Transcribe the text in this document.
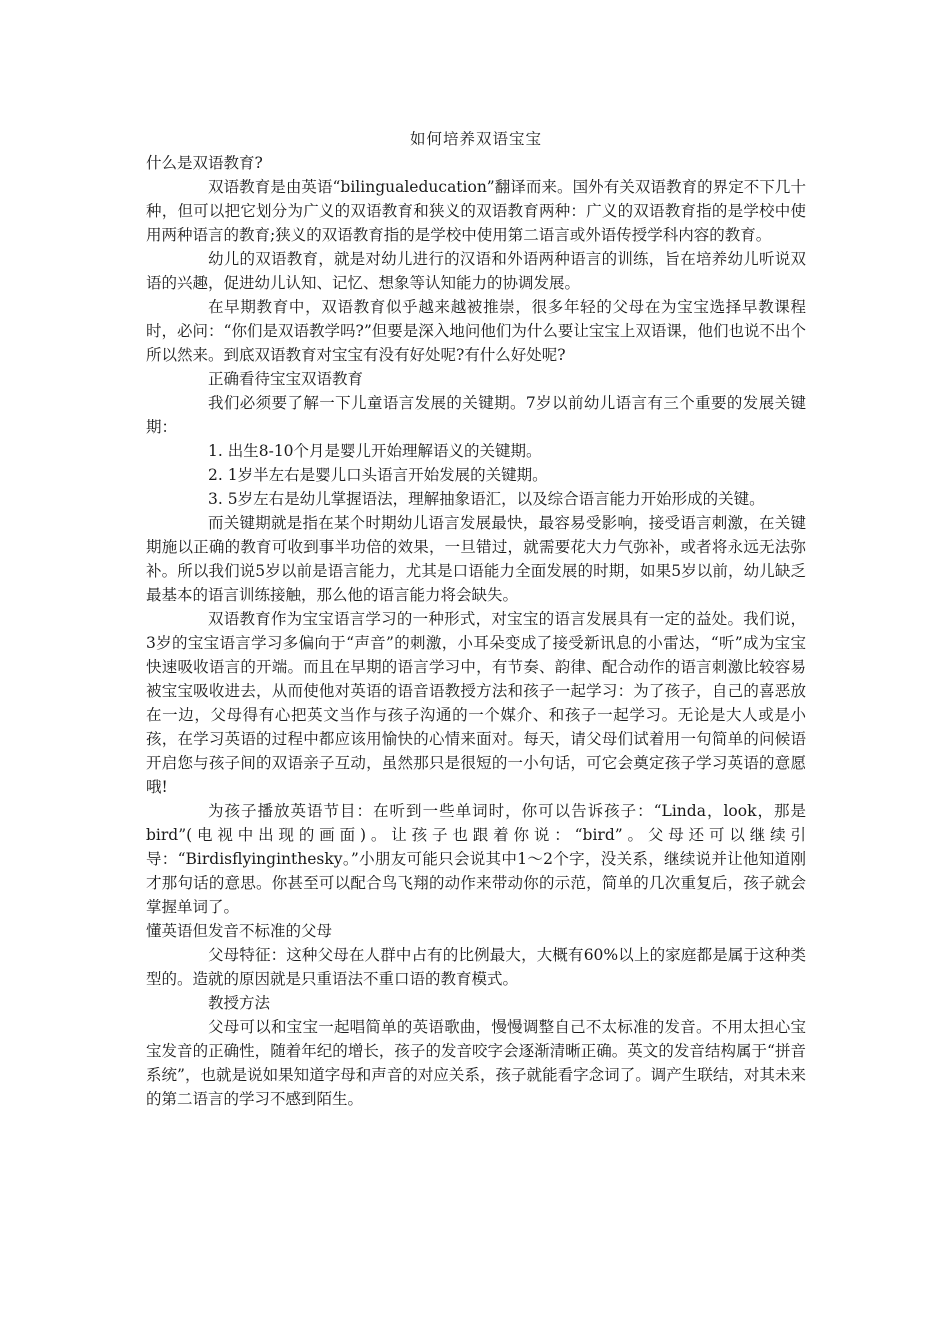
如何培养双语宝宝
什么是双语教育?

双语教育是由英语“bilingualeducation”翻译而来。国外有关双语教育的界定不下几十种，但可以把它划分为广义的双语教育和狭义的双语教育两种：广义的双语教育指的是学校中使用两种语言的教育;狭义的双语教育指的是学校中使用第二语言或外语传授学科内容的教育。

幼儿的双语教育，就是对幼儿进行的汉语和外语两种语言的训练，旨在培养幼儿听说双语的兴趣，促进幼儿认知、记忆、想象等认知能力的协调发展。

在早期教育中，双语教育似乎越来越被推崇，很多年轻的父母在为宝宝选择早教课程时，必问：“你们是双语教学吗?”但要是深入地问他们为什么要让宝宝上双语课，他们也说不出个所以然来。到底双语教育对宝宝有没有好处呢?有什么好处呢?

正确看待宝宝双语教育

我们必须要了解一下儿童语言发展的关键期。7岁以前幼儿语言有三个重要的发展关键期：

1. 出生8-10个月是婴儿开始理解语义的关键期。

2. 1岁半左右是婴儿口头语言开始发展的关键期。

3. 5岁左右是幼儿掌握语法，理解抽象语汇，以及综合语言能力开始形成的关键。

而关键期就是指在某个时期幼儿语言发展最快，最容易受影响，接受语言刺激，在关键期施以正确的教育可收到事半功倍的效果，一旦错过，就需要花大力气弥补，或者将永远无法弥补。所以我们说5岁以前是语言能力，尤其是口语能力全面发展的时期，如果5岁以前，幼儿缺乏最基本的语言训练接触，那么他的语言能力将会缺失。

双语教育作为宝宝语言学习的一种形式，对宝宝的语言发展具有一定的益处。我们说，3岁的宝宝语言学习多偏向于“声音”的刺激，小耳朵变成了接受新讯息的小雷达，“听”成为宝宝快速吸收语言的开端。而且在早期的语言学习中，有节奏、韵律、配合动作的语言刺激比较容易被宝宝吸收进去，从而使他对英语的语音语教授方法和孩子一起学习：为了孩子，自己的喜恶放在一边，父母得有心把英文当作与孩子沟通的一个媒介、和孩子一起学习。无论是大人或是小孩，在学习英语的过程中都应该用愉快的心情来面对。每天，请父母们试着用一句简单的问候语开启您与孩子间的双语亲子互动，虽然那只是很短的一小句话，可它会奠定孩子学习英语的意愿哦!

为孩子播放英语节目：在听到一些单词时，你可以告诉孩子：“Linda，look，那是bird”(电视中出现的画面)。让孩子也跟着你说：“bird”。父母还可以继续引导：“Birdisflyinginthesky。”小朋友可能只会说其中1～2个字，没关系，继续说并让他知道刚才那句话的意思。你甚至可以配合鸟飞翔的动作来带动你的示范，简单的几次重复后，孩子就会掌握单词了。

懂英语但发音不标准的父母

父母特征：这种父母在人群中占有的比例最大，大概有60%以上的家庭都是属于这种类型的。造就的原因就是只重语法不重口语的教育模式。

教授方法

父母可以和宝宝一起唱简单的英语歌曲，慢慢调整自己不太标准的发音。不用太担心宝宝发音的正确性，随着年纪的增长，孩子的发音咬字会逐渐清晰正确。英文的发音结构属于“拼音系统”，也就是说如果知道字母和声音的对应关系，孩子就能看字念词了。调产生联结，对其未来的第二语言的学习不感到陌生。
